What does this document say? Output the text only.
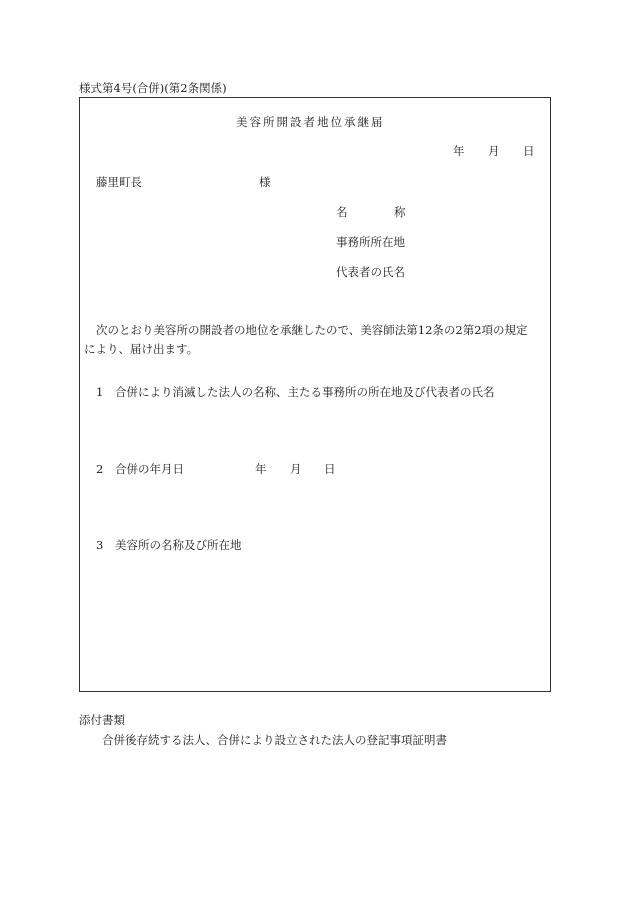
様式第4号(合併)(第2条関係)
美容所開設者地位承継届
年 月 日
藤里町長	様
名	称
事務所所在地
代表者の氏名
次のとおり美容所の開設者の地位を承継したので、美容師法第12条の2第2項の規定により、届け出ます。
1 合併により消滅した法人の名称、主たる事務所の所在地及び代表者の氏名
2 合併の年月日	年 月 日
3 美容所の名称及び所在地
添付書類
合併後存続する法人、合併により設立された法人の登記事項証明書
